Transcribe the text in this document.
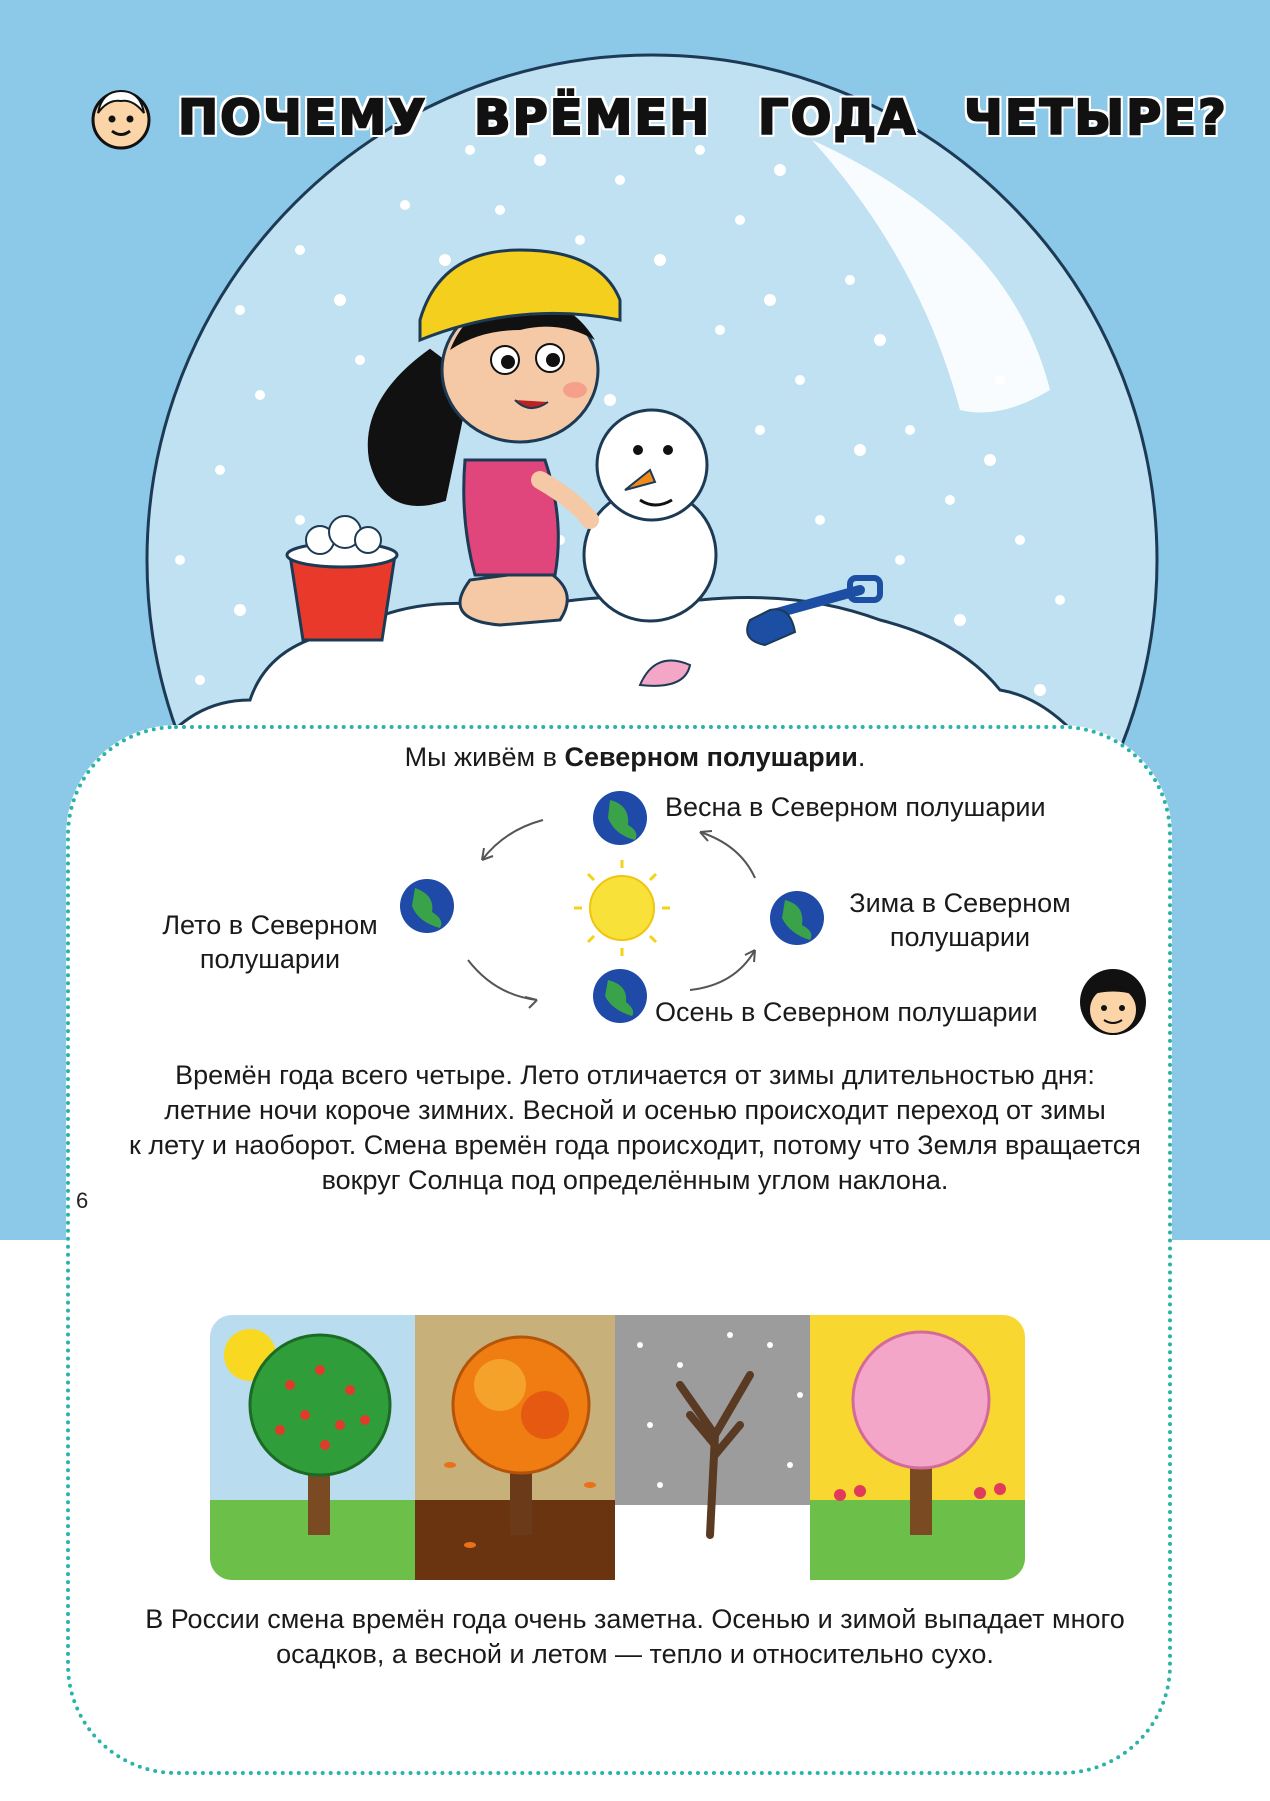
ПОЧЕМУ ВРЁМЕН ГОДА ЧЕТЫРЕ?
6
Мы живём в Северном полушарии.
Весна в Северном полушарии
Лето в Северном
полушарии
Зима в Северном
полушарии
Осень в Северном полушарии
Времён года всего четыре. Лето отличается от зимы длительностью дня:
летние ночи короче зимних. Весной и осенью происходит переход от зимы
к лету и наоборот. Смена времён года происходит, потому что Земля вращается
вокруг Солнца под определённым углом наклона.
В России смена времён года очень заметна. Осенью и зимой выпадает много
осадков, а весной и летом — тепло и относительно сухо.
